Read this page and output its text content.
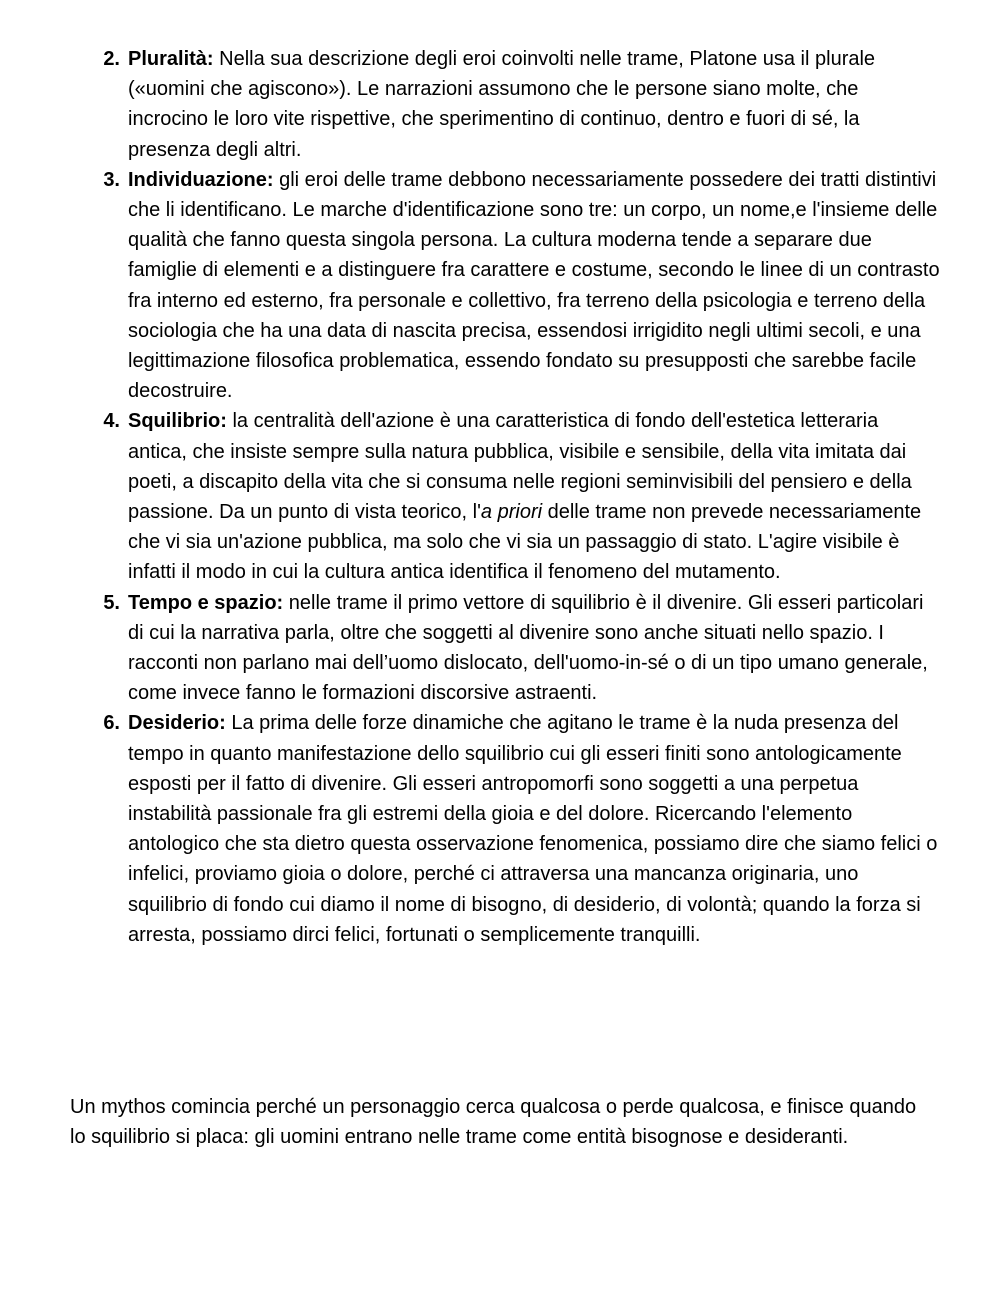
2. Pluralità: Nella sua descrizione degli eroi coinvolti nelle trame, Platone usa il plurale («uomini che agiscono»). Le narrazioni assumono che le persone siano molte, che incrocino le loro vite rispettive, che sperimentino di continuo, dentro e fuori di sé, la presenza degli altri.
3. Individuazione: gli eroi delle trame debbono necessariamente possedere dei tratti distintivi che li identificano. Le marche d'identificazione sono tre: un corpo, un nome,e l'insieme delle qualità che fanno questa singola persona. La cultura moderna tende a separare due famiglie di elementi e a distinguere fra carattere e costume, secondo le linee di un contrasto fra interno ed esterno, fra personale e collettivo, fra terreno della psicologia e terreno della sociologia che ha una data di nascita precisa, essendosi irrigidito negli ultimi secoli, e una legittimazione filosofica problematica, essendo fondato su presupposti che sarebbe facile decostruire.
4. Squilibrio: la centralità dell'azione è una caratteristica di fondo dell'estetica letteraria antica, che insiste sempre sulla natura pubblica, visibile e sensibile, della vita imitata dai poeti, a discapito della vita che si consuma nelle regioni seminvisibili del pensiero e della passione. Da un punto di vista teorico, l'a priori delle trame non prevede necessariamente che vi sia un'azione pubblica, ma solo che vi sia un passaggio di stato. L'agire visibile è infatti il modo in cui la cultura antica identifica il fenomeno del mutamento.
5. Tempo e spazio: nelle trame il primo vettore di squilibrio è il divenire. Gli esseri particolari di cui la narrativa parla, oltre che soggetti al divenire sono anche situati nello spazio. I racconti non parlano mai dell’uomo dislocato, dell'uomo-in-sé o di un tipo umano generale, come invece fanno le formazioni discorsive astraenti.
6. Desiderio: La prima delle forze dinamiche che agitano le trame è la nuda presenza del tempo in quanto manifestazione dello squilibrio cui gli esseri finiti sono antologicamente esposti per il fatto di divenire. Gli esseri antropomorfi sono soggetti a una perpetua instabilità passionale fra gli estremi della gioia e del dolore. Ricercando l'elemento antologico che sta dietro questa osservazione fenomenica, possiamo dire che siamo felici o infelici, proviamo gioia o dolore, perché ci attraversa una mancanza originaria, uno squilibrio di fondo cui diamo il nome di bisogno, di desiderio, di volontà; quando la forza si arresta, possiamo dirci felici, fortunati o semplicemente tranquilli.

Un mythos comincia perché un personaggio cerca qualcosa o perde qualcosa, e finisce quando lo squilibrio si placa: gli uomini entrano nelle trame come entità bisognose e desideranti.
